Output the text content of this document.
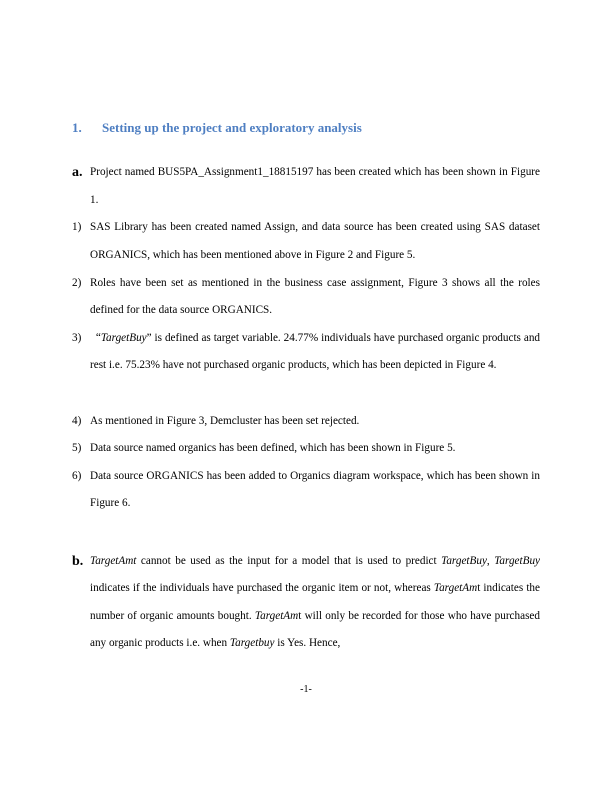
1. Setting up the project and exploratory analysis
a. Project named BUS5PA_Assignment1_18815197 has been created which has been shown in Figure 1.
1) SAS Library has been created named Assign, and data source has been created using SAS dataset ORGANICS, which has been mentioned above in Figure 2 and Figure 5.
2) Roles have been set as mentioned in the business case assignment, Figure 3 shows all the roles defined for the data source ORGANICS.
3)	“TargetBuy” is defined as target variable. 24.77% individuals have purchased organic products and rest i.e. 75.23% have not purchased organic products, which has been depicted in Figure 4.
4) As mentioned in Figure 3, Demcluster has been set rejected.
5) Data source named organics has been defined, which has been shown in Figure 5.
6) Data source ORGANICS has been added to Organics diagram workspace, which has been shown in Figure 6.
b. TargetAmt cannot be used as the input for a model that is used to predict TargetBuy, TargetBuy indicates if the individuals have purchased the organic item or not, whereas TargetAmt indicates the number of organic amounts bought. TargetAmt will only be recorded for those who have purchased any organic products i.e. when Targetbuy is Yes. Hence,
-1-
